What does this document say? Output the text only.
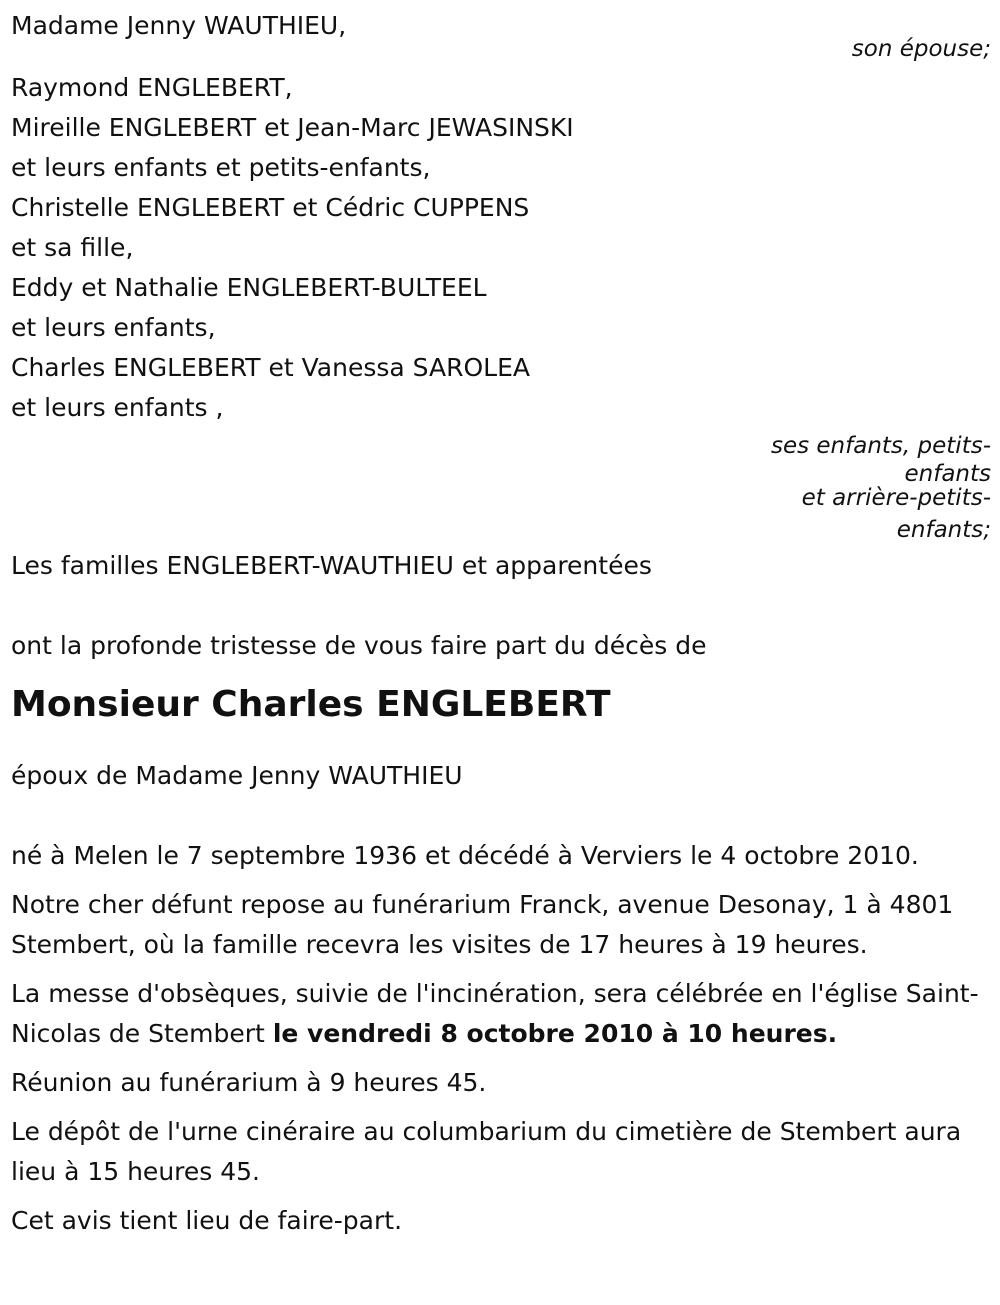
Madame Jenny WAUTHIEU,
son épouse;
Raymond ENGLEBERT,
Mireille ENGLEBERT et Jean-Marc JEWASINSKI
et leurs enfants et petits-enfants,
Christelle ENGLEBERT et Cédric CUPPENS
et sa fille,
Eddy et Nathalie ENGLEBERT-BULTEEL
et leurs enfants,
Charles ENGLEBERT et Vanessa SAROLEA
et leurs enfants ,
ses enfants, petits-
enfants
et arrière-petits-
enfants;
Les familles ENGLEBERT-WAUTHIEU et apparentées
ont la profonde tristesse de vous faire part du décès de
Monsieur Charles ENGLEBERT
époux de Madame Jenny WAUTHIEU
né à Melen le 7 septembre 1936 et décédé à Verviers le 4 octobre 2010.
Notre cher défunt repose au funérarium Franck, avenue Desonay, 1 à 4801 Stembert, où la famille recevra les visites de 17 heures à 19 heures.
La messe d'obsèques, suivie de l'incinération, sera célébrée en l'église Saint-Nicolas de Stembert le vendredi 8 octobre 2010 à 10 heures.
Réunion au funérarium à 9 heures 45.
Le dépôt de l'urne cinéraire au columbarium du cimetière de Stembert aura lieu à 15 heures 45.
Cet avis tient lieu de faire-part.
